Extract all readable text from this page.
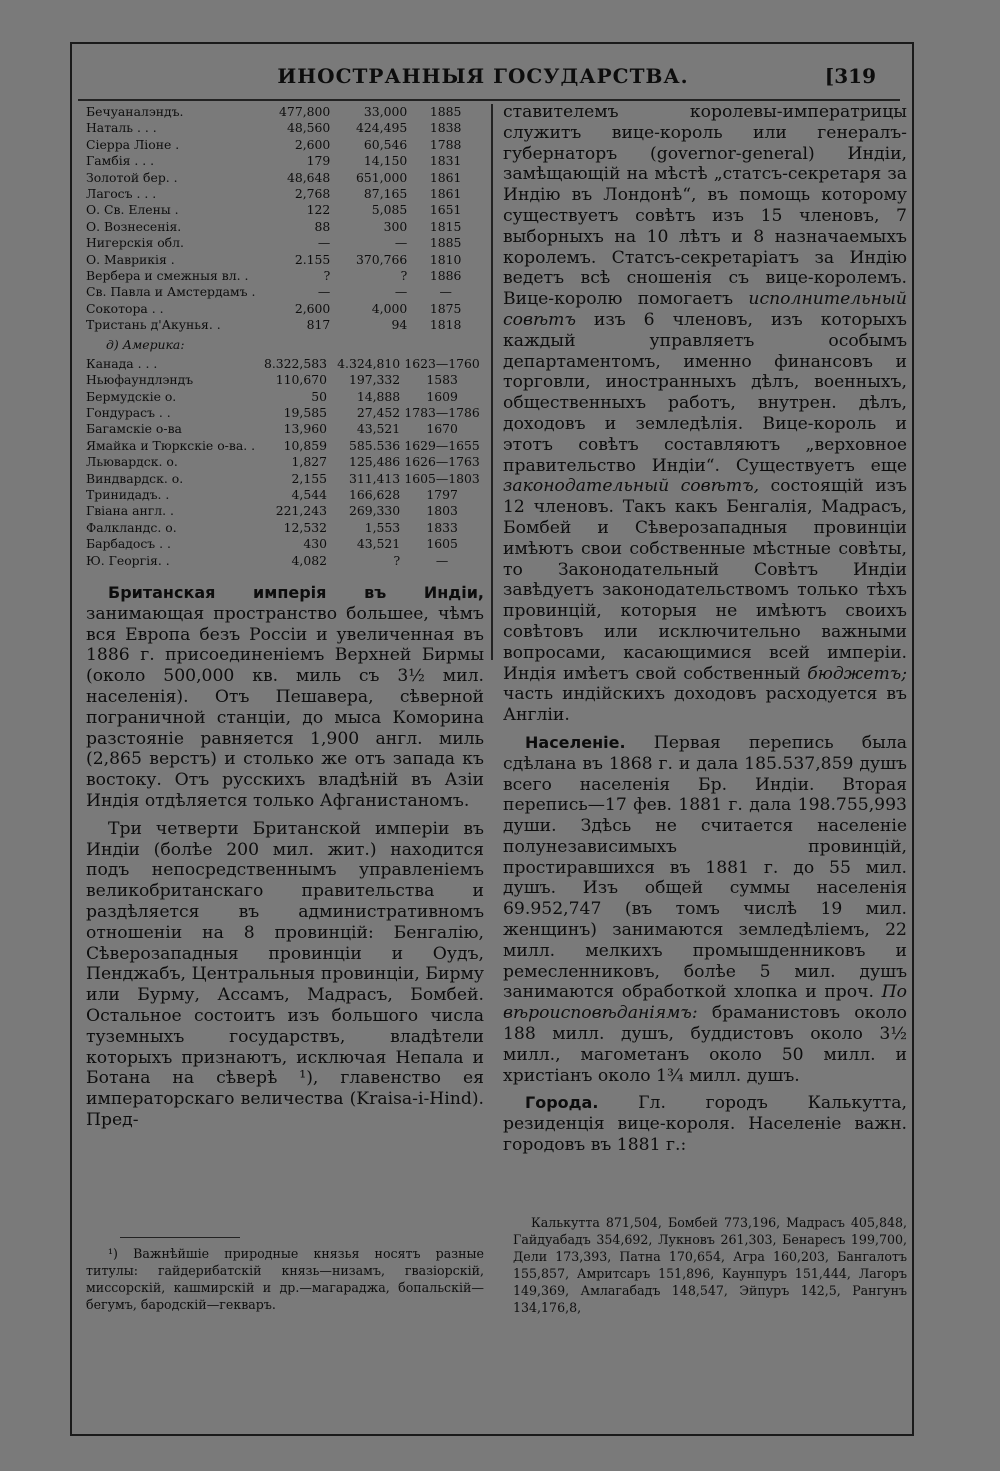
ИНОСТРАННЫЯ ГОСУДАРСТВА.	[319
Бечуаналэндъ.	477,800	33,000	1885
Наталь . . .	48,560	424,495	1838
Сіерра Ліоне .	2,600	60,546	1788
Гамбія . . .	179	14,150	1831
Золотой бер. .	48,648	651,000	1861
Лагосъ . . .	2,768	87,165	1861
О. Св. Елены .	122	5,085	1651
О. Вознесенія.	88	300	1815
Нигерскія обл.	—	—	1885
О. Маврикія .	2.155	370,766	1810
Вербера и смежныя вл. .	?	?	1886
Св. Павла и Амстердамъ .	—	—	—
Сокотора . .	2,600	4,000	1875
Тристань д'Акунья. .	817	94	1818
д) Америка:
Канада . . .	8.322,583	4.324,810	1623—1760
Ньюфаундлэндъ	110,670	197,332	1583
Бермудскіе о.	50	14,888	1609
Гондурасъ . .	19,585	27,452	1783—1786
Багамскіе о-ва	13,960	43,521	1670
Ямайка и Тюркскіе о-ва. .	10,859	585.536	1629—1655
Льювардск. о.	1,827	125,486	1626—1763
Виндвардск. о.	2,155	311,413	1605—1803
Тринидадъ. .	4,544	166,628	1797
Гвіана англ. .	221,243	269,330	1803
Фалкландс. о.	12,532	1,553	1833
Барбадосъ . .	430	43,521	1605
Ю. Георгія. .	4,082	?	—

Британская имперія въ Индіи, занимающая пространство большее, чѣмъ вся Европа безъ Россіи и увеличенная въ 1886 г. присоединеніемъ Верхней Бирмы (около 500,000 кв. миль съ 3½ мил. населенія). Отъ Пешавера, сѣверной пограничной станціи, до мыса Коморина разстояніе равняется 1,900 англ. миль (2,865 верстъ) и столько же отъ запада къ востоку. Отъ русскихъ владѣній въ Азіи Индія отдѣляется только Афганистаномъ.

Три четверти Британской имперіи въ Индіи (болѣе 200 мил. жит.) находится подъ непосредственнымъ управленіемъ великобританскаго правительства и раздѣляется въ административномъ отношеніи на 8 провинцій: Бенгалію, Сѣверозападныя провинціи и Оудъ, Пенджабъ, Центральныя провинціи, Бирму или Бурму, Ассамъ, Мадрасъ, Бомбей. Остальное состоитъ изъ большого числа туземныхъ государствъ, владѣтели которыхъ признаютъ, исключая Непала и Ботана на сѣверѣ ¹), главенство ея императорскаго величества (Kraisa-i-Hind). Пред-

¹) Важнѣйшіе природные князья носятъ разные титулы: гайдерибатскій князь—низамъ, гвазіорскій, миссорскій, кашмирскій и др.—магараджа, бопальскій—бегумъ, бародскій—гекваръ.

ставителемъ королевы-императрицы служитъ вице-король или генералъ-губернаторъ (governor-general) Индіи, замѣщающій на мѣстѣ „статсъ-секретаря за Индію въ Лондонѣ“, въ помощь которому существуетъ совѣтъ изъ 15 членовъ, 7 выборныхъ на 10 лѣтъ и 8 назначаемыхъ королемъ. Статсъ-секретаріатъ за Индію ведетъ всѣ сношенія съ вице-королемъ. Вице-королю помогаетъ исполнительный совѣтъ изъ 6 членовъ, изъ которыхъ каждый управляетъ особымъ департаментомъ, именно финансовъ и торговли, иностранныхъ дѣлъ, военныхъ, общественныхъ работъ, внутрен. дѣлъ, доходовъ и земледѣлія. Вице-король и этотъ совѣтъ составляютъ „верховное правительство Индіи“. Существуетъ еще законодательный совѣтъ, состоящій изъ 12 членовъ. Такъ какъ Бенгалія, Мадрасъ, Бомбей и Сѣверозападныя провинціи имѣютъ свои собственные мѣстные совѣты, то Законодательный Совѣтъ Индіи завѣдуетъ законодательствомъ только тѣхъ провинцій, которыя не имѣютъ своихъ совѣтовъ или исключительно важными вопросами, касающимися всей имперіи. Индія имѣетъ свой собственный бюджетъ; часть индійскихъ доходовъ расходуется въ Англіи.

Населеніе. Первая перепись была сдѣлана въ 1868 г. и дала 185.537,859 душъ всего населенія Бр. Индіи. Вторая перепись—17 фев. 1881 г. дала 198.755,993 души. Здѣсь не считается населеніе полунезависимыхъ провинцій, простиравшихся въ 1881 г. до 55 мил. душъ. Изъ общей суммы населенія 69.952,747 (въ томъ числѣ 19 мил. женщинъ) занимаются земледѣліемъ, 22 милл. мелкихъ промышденниковъ и ремесленниковъ, болѣе 5 мил. душъ занимаются обработкой хлопка и проч. По вѣроисповѣданіямъ: браманистовъ около 188 милл. душъ, буддистовъ около 3½ милл., магометанъ около 50 милл. и христіанъ около 1¾ милл. душъ.

Города. Гл. городъ Калькутта, резиденція вице-короля. Населеніе важн. городовъ въ 1881 г.:

Калькутта 871,504, Бомбей 773,196, Мадрасъ 405,848, Гайдуабадъ 354,692, Лукновъ 261,303, Бенаресъ 199,700, Дели 173,393, Патна 170,654, Агра 160,203, Бангалотъ 155,857, Амритсаръ 151,896, Каунпуръ 151,444, Лагоръ 149,369, Амлагабадъ 148,547, Эйпуръ 142,5, Рангунъ 134,176,8,
